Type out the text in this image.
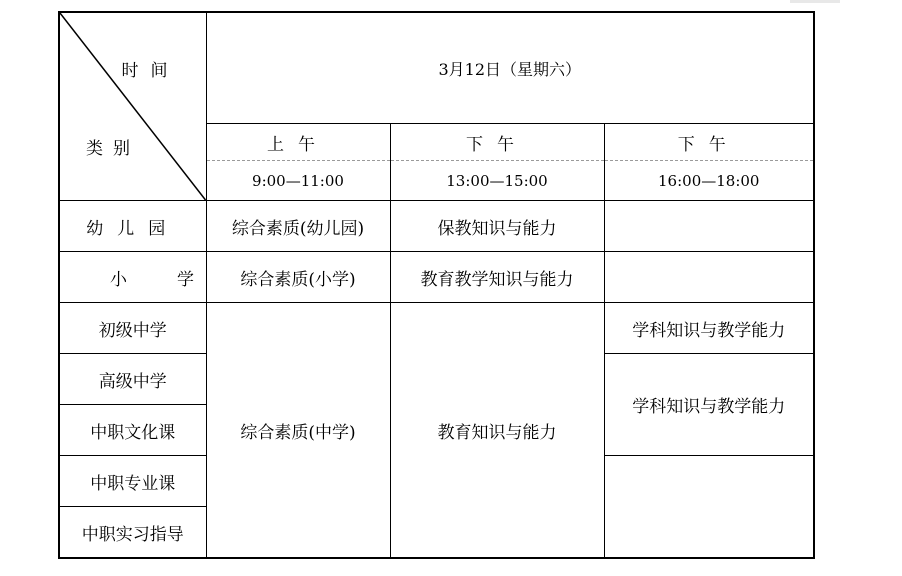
时间
类别	3月12日（星期六）		
	上午	下午	下午
	9:00—11:00	13:00—15:00	16:00—18:00
幼儿园	综合素质(幼儿园)	保教知识与能力	
小学	综合素质(小学)	教育教学知识与能力	
初级中学	综合素质(中学)	教育知识与能力	学科知识与教学能力
高级中学			学科知识与教学能力
中职文化课			
中职专业课			
中职实习指导			
